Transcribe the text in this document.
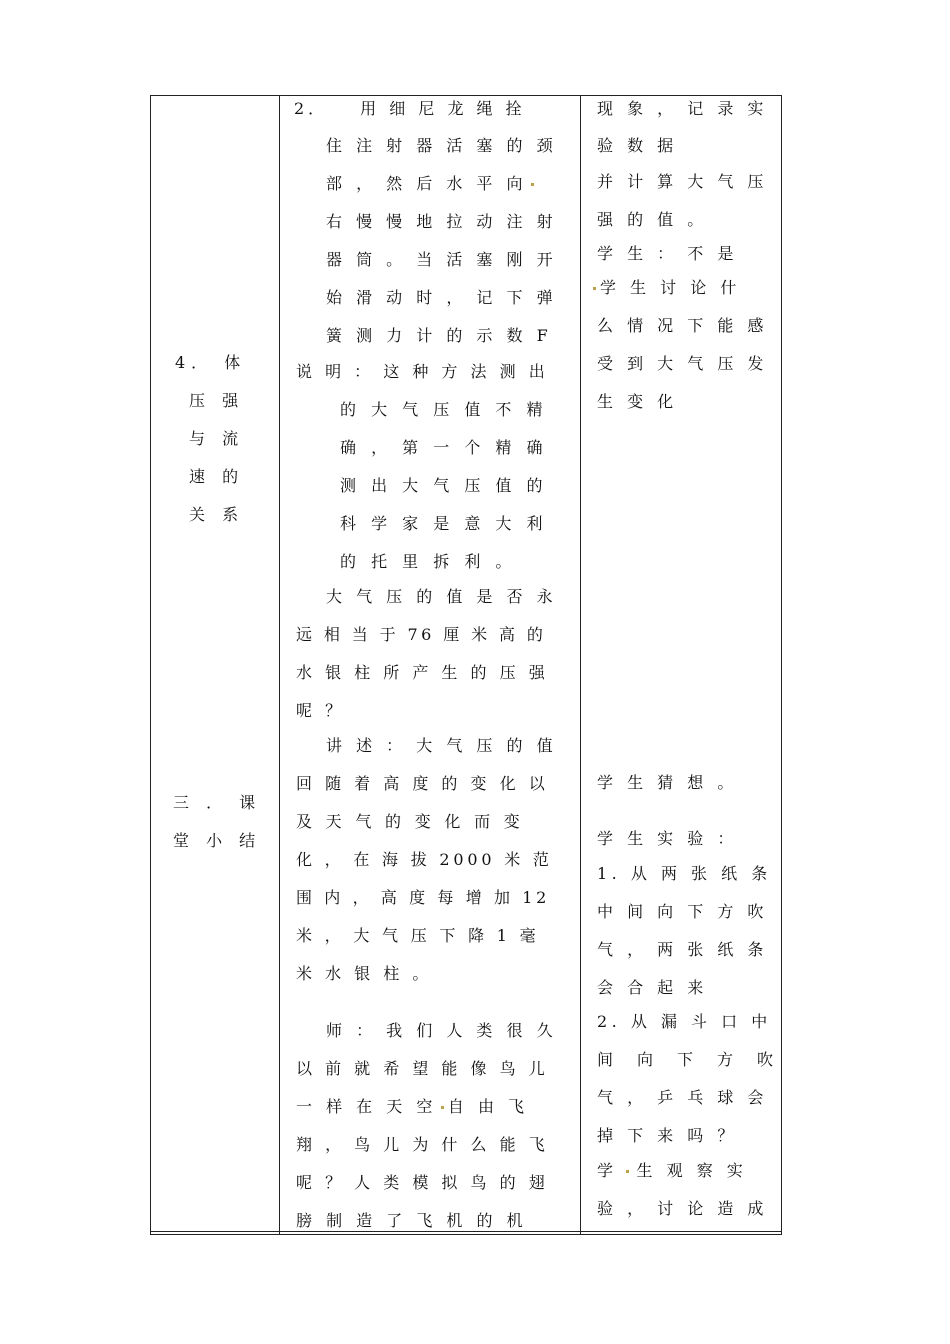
4． 体
压 强
与 流
速 的
关 系
三 ． 课
堂 小 结
2．　　用 细 尼 龙 绳 拴
住 注 射 器 活 塞 的 颈
部 ， 然 后 水 平 向
右 慢 慢 地 拉 动 注 射
器 筒 。 当 活 塞 刚 开
始 滑 动 时 ， 记 下 弹
簧 测 力 计 的 示 数 F
说 明 ： 这 种 方 法 测 出
的 大 气 压 值 不 精
确 ， 第 一 个 精 确
测 出 大 气 压 值 的
科 学 家 是 意 大 利
的 托 里 拆 利 。
大 气 压 的 值 是 否 永
远 相 当 于 76 厘 米 高 的
水 银 柱 所 产 生 的 压 强
呢 ？
讲 述 ： 大 气 压 的 值
回 随 着 高 度 的 变 化 以
及 天 气 的 变 化 而 变
化 ， 在 海 拔 2000 米 范
围 内 ， 高 度 每 增 加 12
米 ， 大 气 压 下 降 1 毫
米 水 银 柱 。
师 ： 我 们 人 类 很 久
以 前 就 希 望 能 像 鸟 儿
一 样 在 天 空 自 由 飞
翔 ， 鸟 儿 为 什 么 能 飞
呢 ？ 人 类 模 拟 鸟 的 翅
膀 制 造 了 飞 机 的 机
现 象 ， 记 录 实
验 数 据
并 计 算 大 气 压
强 的 值 。
学 生 ： 不 是
学 生 讨 论 什
么 情 况 下 能 感
受 到 大 气 压 发
生 变 化
学 生 猜 想 。
学 生 实 验 ：
1. 从 两 张 纸 条
中 间 向 下 方 吹
气 ， 两 张 纸 条
会 合 起 来
2. 从 漏 斗 口 中
间　向　下　方　吹
气 ， 乒 乓 球 会
掉 下 来 吗 ？
学 生 观 察 实
验 ， 讨 论 造 成
